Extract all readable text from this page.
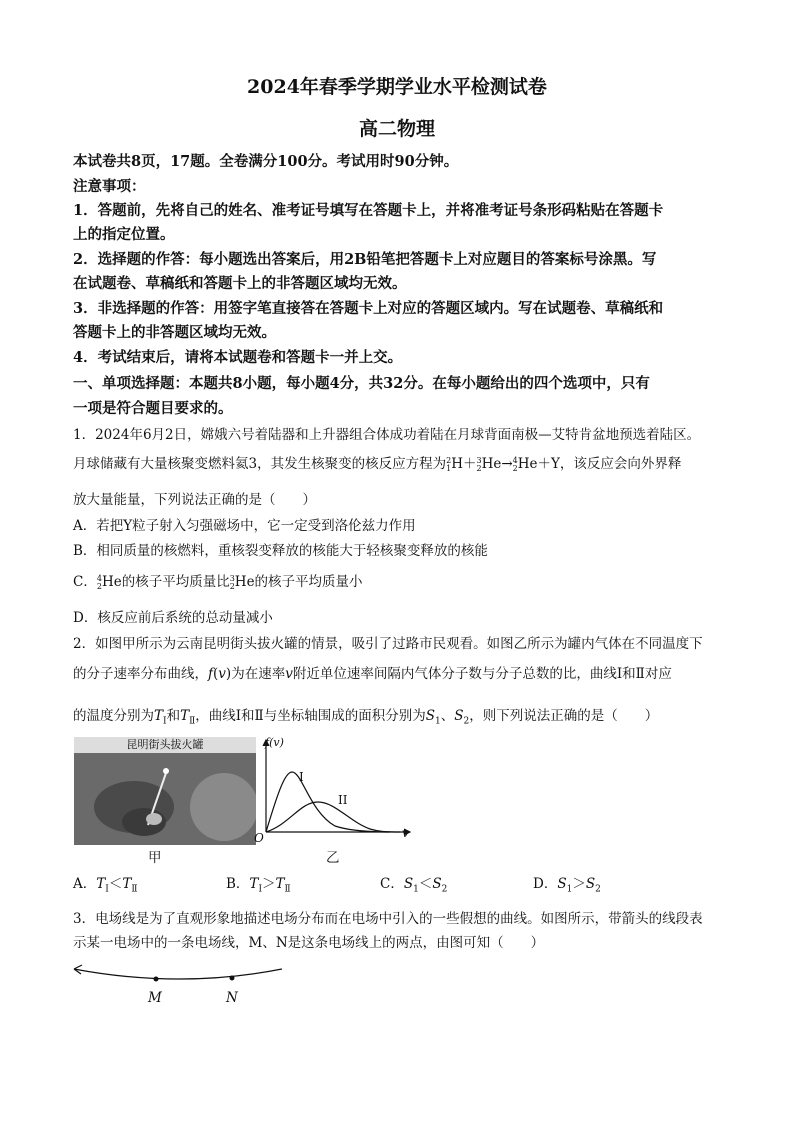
2024年春季学期学业水平检测试卷
高二物理
本试卷共8页，17题。全卷满分100分。考试用时90分钟。
注意事项：
1．答题前，先将自己的姓名、准考证号填写在答题卡上，并将准考证号条形码粘贴在答题卡
上的指定位置。
2．选择题的作答：每小题选出答案后，用2B铅笔把答题卡上对应题目的答案标号涂黑。写
在试题卷、草稿纸和答题卡上的非答题区域均无效。
3．非选择题的作答：用签字笔直接答在答题卡上对应的答题区域内。写在试题卷、草稿纸和
答题卡上的非答题区域均无效。
4．考试结束后，请将本试题卷和答题卡一并上交。
一、单项选择题：本题共8小题，每小题4分，共32分。在每小题给出的四个选项中，只有
一项是符合题目要求的。
1．2024年6月2日，嫦娥六号着陆器和上升器组合体成功着陆在月球背面南极—艾特肯盆地预选着陆区。
月球储藏有大量核聚变燃料氦3，其发生核聚变的核反应方程为 2
1 H＋ 3
2 He→ 4
2 He＋Y，该反应会向外界释
放大量能量，下列说法正确的是（　　）
A．若把Y粒子射入匀强磁场中，它一定受到洛伦兹力作用
B．相同质量的核燃料，重核裂变释放的核能大于轻核聚变释放的核能
C． 4
2 He的核子平均质量比 3
2 He的核子平均质量小
D．核反应前后系统的总动量减小
2．如图甲所示为云南昆明街头拔火罐的情景，吸引了过路市民观看。如图乙所示为罐内气体在不同温度下
的分子速率分布曲线，f(v)为在速率v附近单位速率间隔内气体分子数与分子总数的比，曲线Ⅰ和Ⅱ对应
的温度分别为$T_Ⅰ$和$T_Ⅱ$，曲线Ⅰ和Ⅱ与坐标轴围成的面积分别为$S_1$、$S_2$，则下列说法正确的是（　　）
昆明街头拔火罐
甲
f(v)
I
II
O	v
乙
A．$T_Ⅰ<T_Ⅱ$	B．$T_Ⅰ>T_Ⅱ$	C．$S_1<S_2$	D．$S_1>S_2$
3．电场线是为了直观形象地描述电场分布而在电场中引入的一些假想的曲线。如图所示，带箭头的线段表
示某一电场中的一条电场线，M、N是这条电场线上的两点，由图可知（　　）
M	N
